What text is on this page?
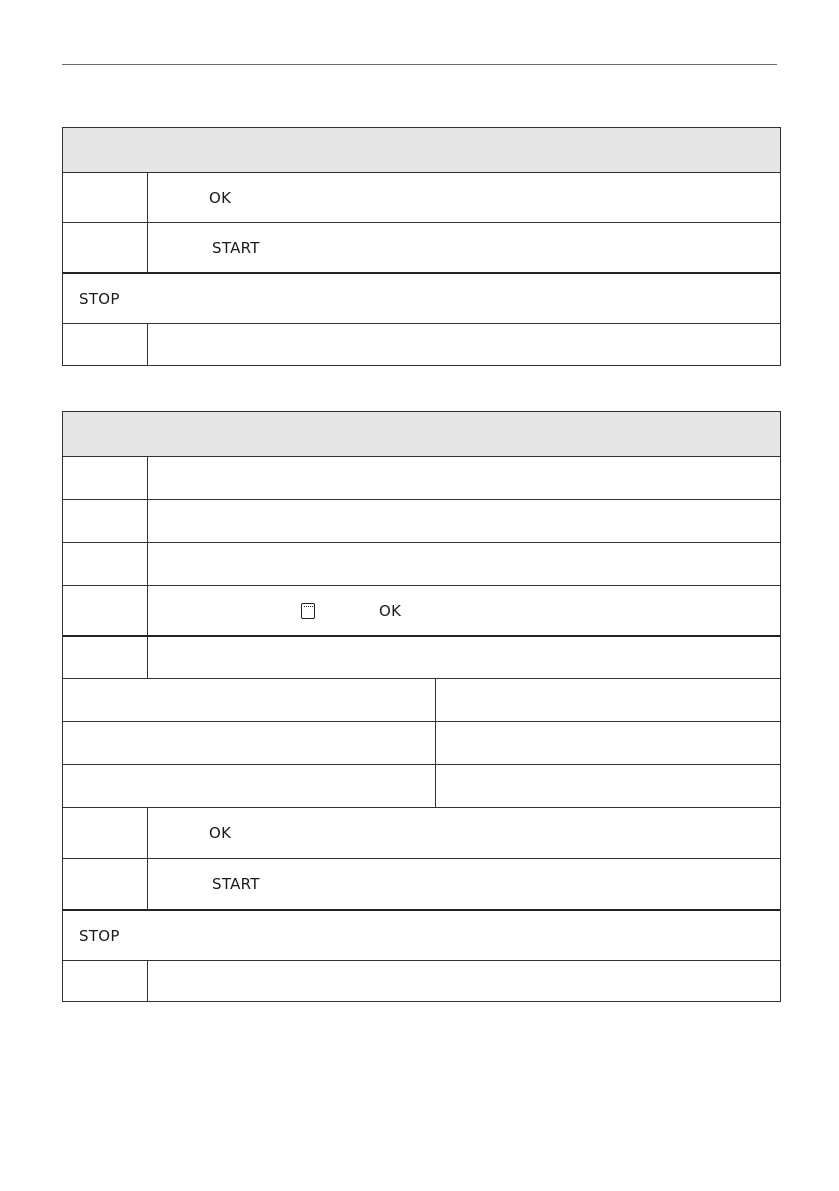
OK
START
STOP
OK
OK
START
STOP
